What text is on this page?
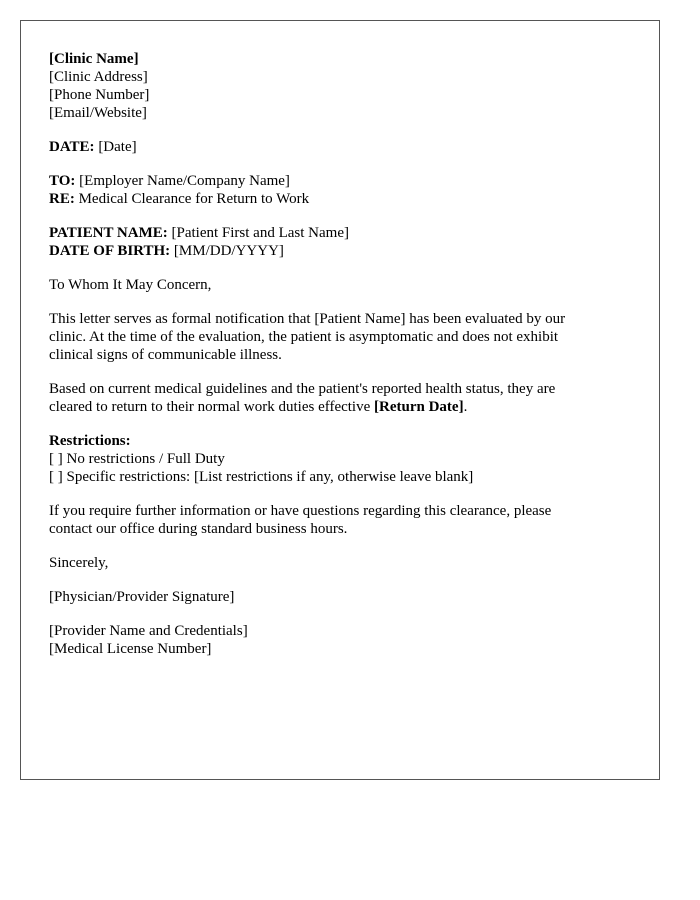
[Clinic Name]
[Clinic Address]
[Phone Number]
[Email/Website]
DATE: [Date]
TO: [Employer Name/Company Name]
RE: Medical Clearance for Return to Work
PATIENT NAME: [Patient First and Last Name]
DATE OF BIRTH: [MM/DD/YYYY]
To Whom It May Concern,
This letter serves as formal notification that [Patient Name] has been evaluated by our
clinic. At the time of the evaluation, the patient is asymptomatic and does not exhibit
clinical signs of communicable illness.
Based on current medical guidelines and the patient's reported health status, they are
cleared to return to their normal work duties effective [Return Date].
Restrictions:
[ ] No restrictions / Full Duty
[ ] Specific restrictions: [List restrictions if any, otherwise leave blank]
If you require further information or have questions regarding this clearance, please
contact our office during standard business hours.
Sincerely,
[Physician/Provider Signature]
[Provider Name and Credentials]
[Medical License Number]
